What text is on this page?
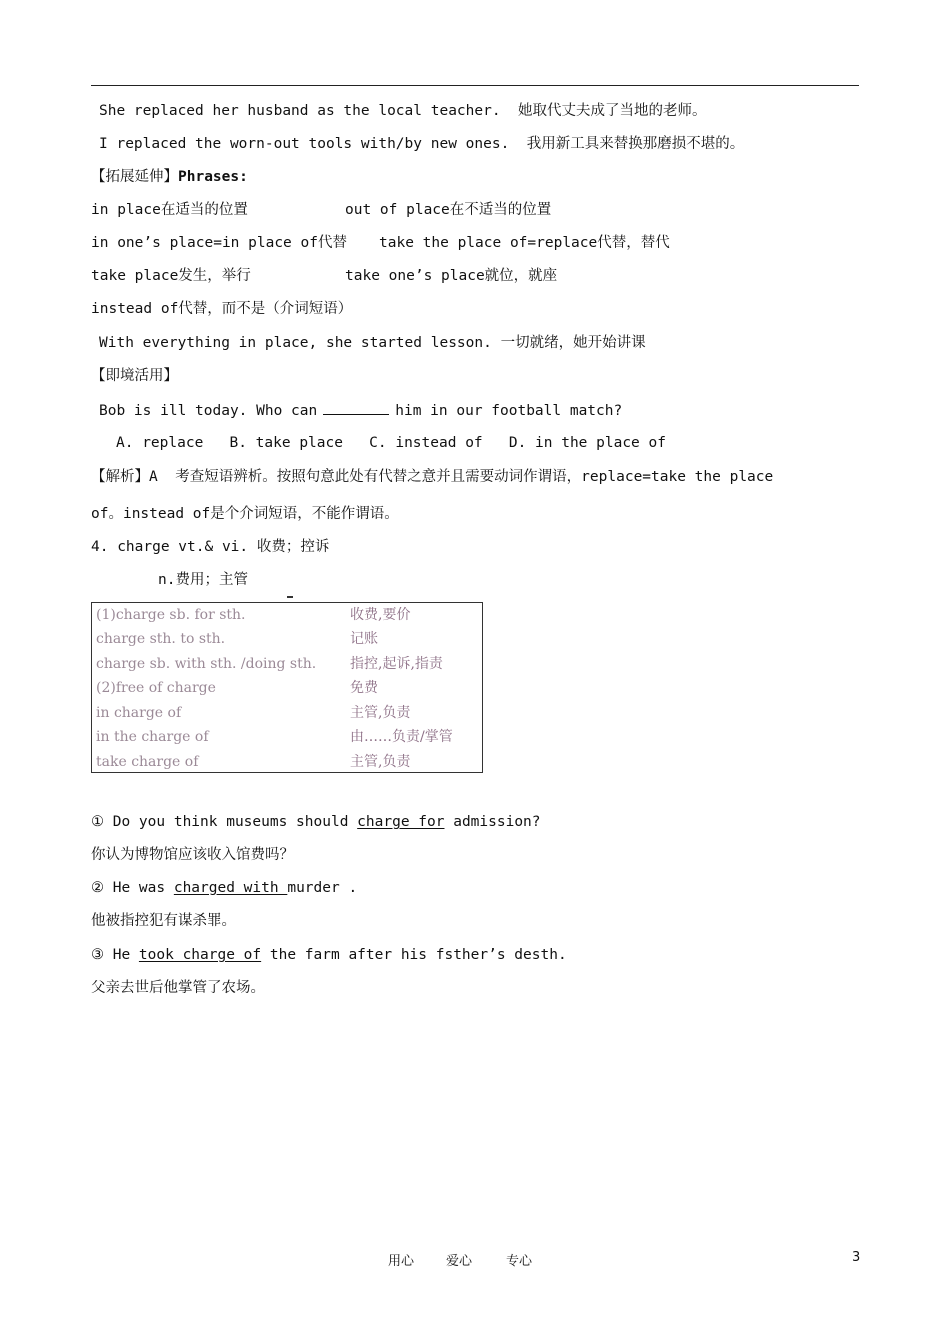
She replaced her husband as the local teacher.  她取代丈夫成了当地的老师。
I replaced the worn-out tools with/by new ones.  我用新工具来替换那磨损不堪的。
【拓展延伸】Phrases:
in place在适当的位置	out of place在不适当的位置
in one’s place=in place of代替 take the place of=replace代替，替代
take place发生，举行	take one’s place就位，就座
instead of代替，而不是（介词短语）
With everything in place, she started lesson. 一切就绪，她开始讲课
【即境活用】
Bob is ill today. Who can	him in our football match?
A. replace   B. take place   C. instead of   D. in the place of
【解析】A  考查短语辨析。按照句意此处有代替之意并且需要动词作谓语，replace=take the place
of。instead of是个介词短语，不能作谓语。
4. charge vt.& vi. 收费；控诉
n.费用；主管
(1)charge sb. for sth.	收费,要价
charge sth. to sth.	记账
charge sb. with sth. /doing sth. 指控,起诉,指责
(2)free of charge	免费
in charge of	主管,负责
in the charge of	由……负责/掌管
take charge of	主管,负责
① Do you think museums should charge for admission?
你认为博物馆应该收入馆费吗？
② He was charged with murder .
他被指控犯有谋杀罪。
③ He took charge of the farm after his fsther’s desth.
父亲去世后他掌管了农场。
用心 爱心	专心	3
